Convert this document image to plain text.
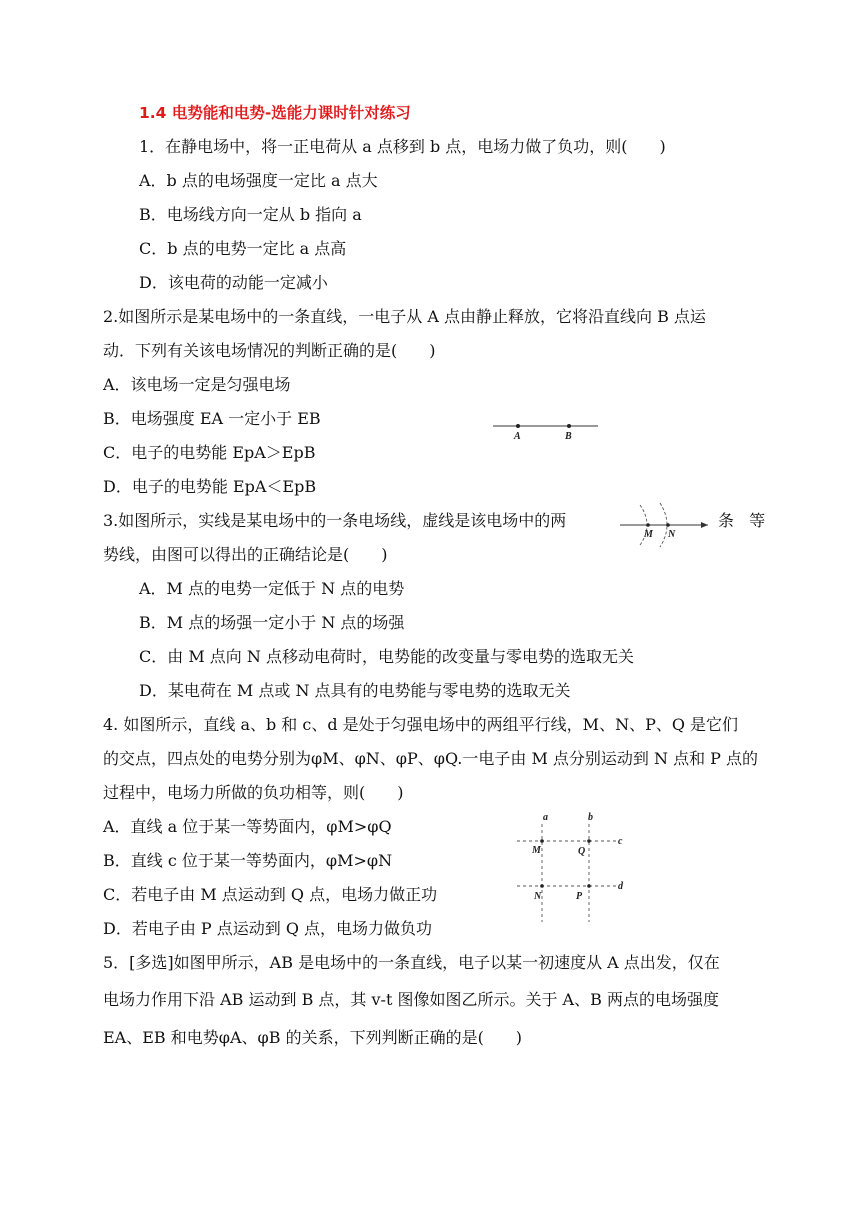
1.4 电势能和电势-选能力课时针对练习
1．在静电场中，将一正电荷从 a 点移到 b 点，电场力做了负功，则(　　)
A．b 点的电场强度一定比 a 点大
B．电场线方向一定从 b 指向 a
C．b 点的电势一定比 a 点高
D．该电荷的动能一定减小
2.如图所示是某电场中的一条直线，一电子从 A 点由静止释放，它将沿直线向 B 点运
动．下列有关该电场情况的判断正确的是(　　)
A．该电场一定是匀强电场
B．电场强度 EA 一定小于 EB
C．电子的电势能 EpA＞EpB
D．电子的电势能 EpA＜EpB
A	B
3.如图所示，实线是某电场中的一条电场线，虚线是该电场中的两	条 等
M N
势线，由图可以得出的正确结论是(　　)
A．M 点的电势一定低于 N 点的电势
B．M 点的场强一定小于 N 点的场强
C．由 M 点向 N 点移动电荷时，电势能的改变量与零电势的选取无关
D．某电荷在 M 点或 N 点具有的电势能与零电势的选取无关
4. 如图所示，直线 a、b 和 c、d 是处于匀强电场中的两组平行线，M、N、P、Q 是它们
的交点，四点处的电势分别为φM、φN、φP、φQ.一电子由 M 点分别运动到 N 点和 P 点的
过程中，电场力所做的负功相等，则(　　)
A．直线 a 位于某一等势面内，φM>φQ
B．直线 c 位于某一等势面内，φM>φN
C．若电子由 M 点运动到 Q 点，电场力做正功
D．若电子由 P 点运动到 Q 点，电场力做负功
a	b
c
d
M	Q
N	P
5．[多选]如图甲所示，AB 是电场中的一条直线，电子以某一初速度从 A 点出发，仅在
电场力作用下沿 AB 运动到 B 点，其 v-t 图像如图乙所示。关于 A、B 两点的电场强度
EA、EB 和电势φA、φB 的关系，下列判断正确的是(　　)
